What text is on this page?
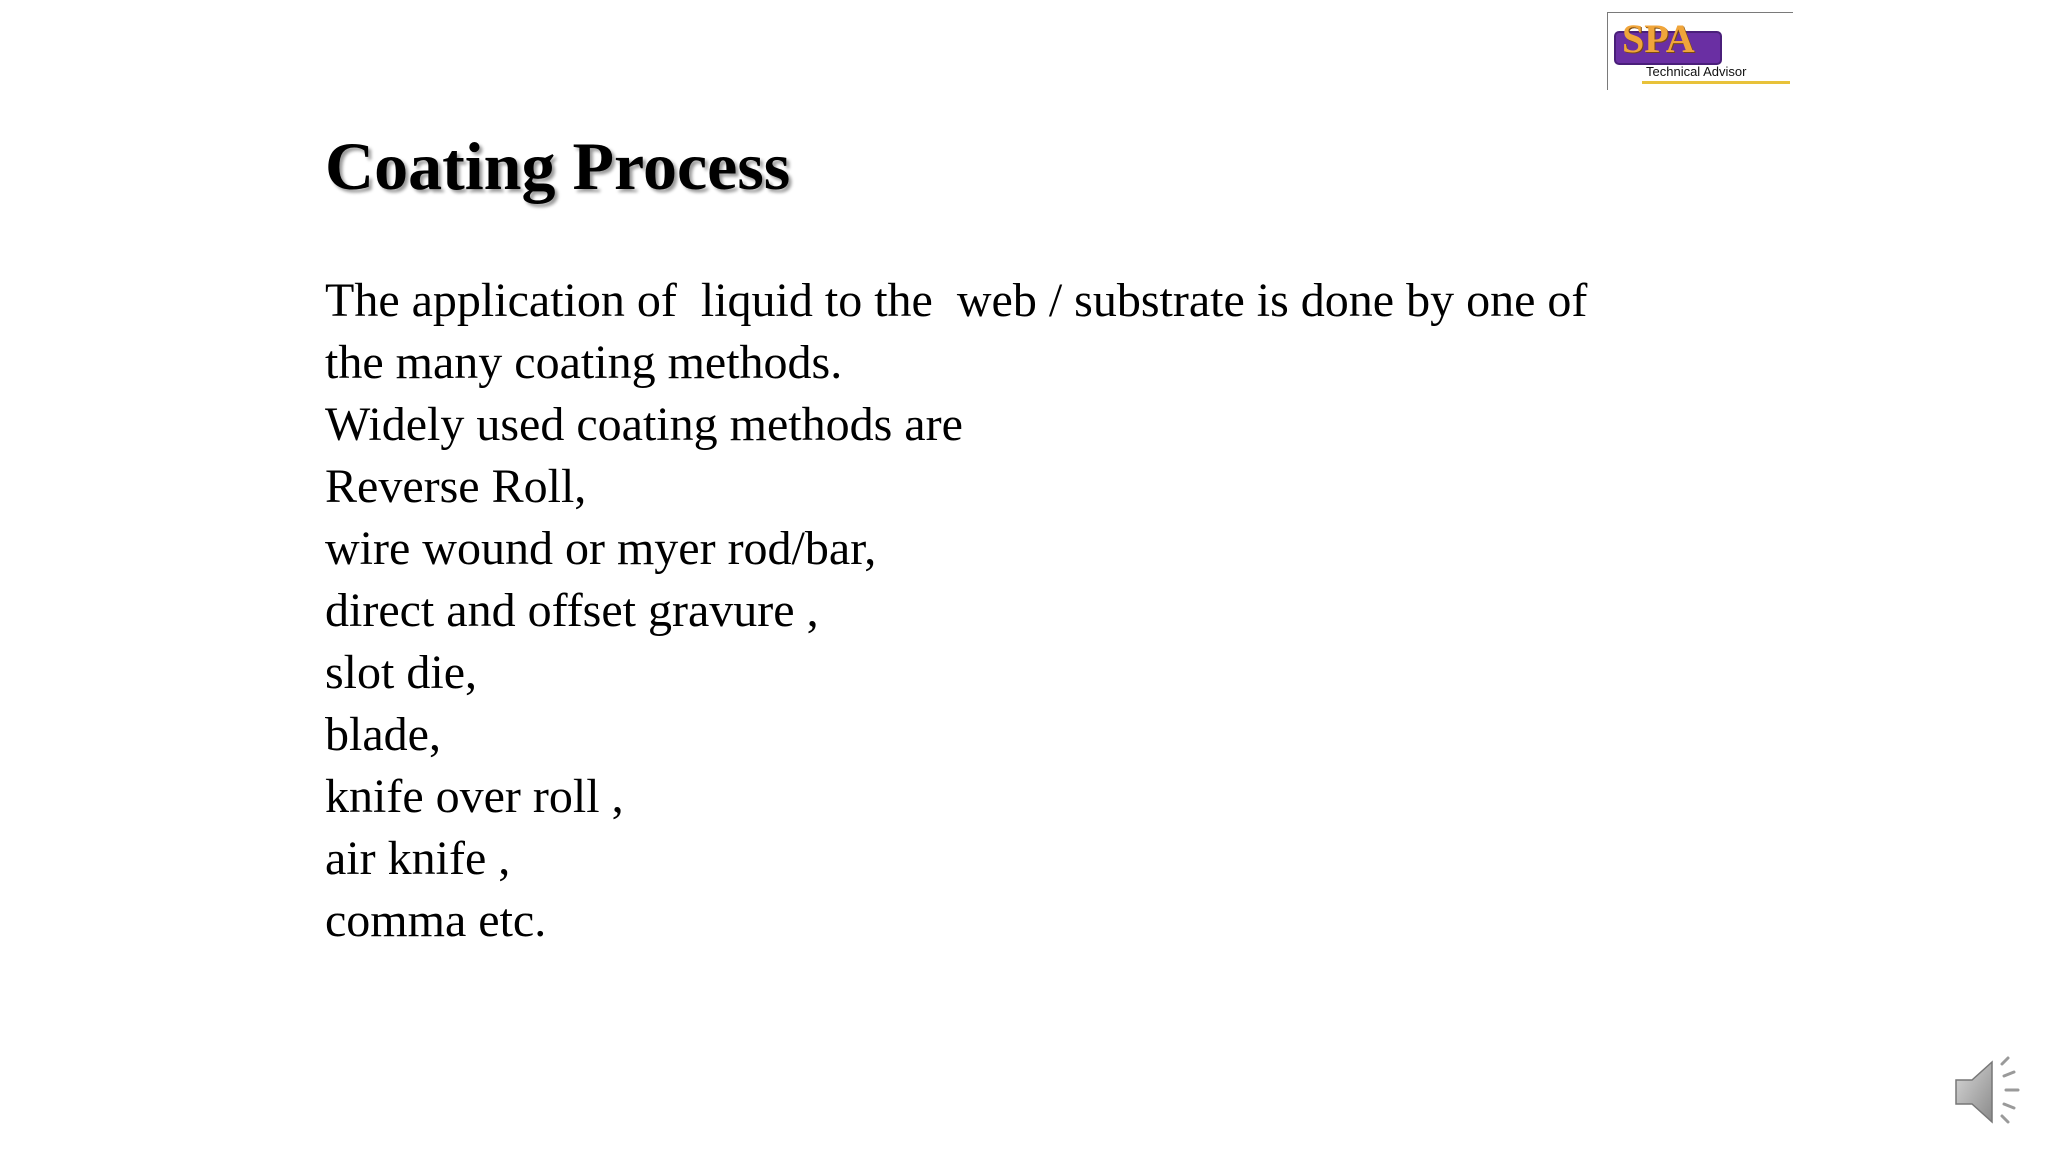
SPA
Technical Advisor
Coating Process
The application of  liquid to the  web / substrate is done by one of
the many coating methods.
Widely used coating methods are
Reverse Roll,
wire wound or myer rod/bar,
direct and offset gravure ,
slot die,
blade,
knife over roll ,
air knife ,
comma etc.
